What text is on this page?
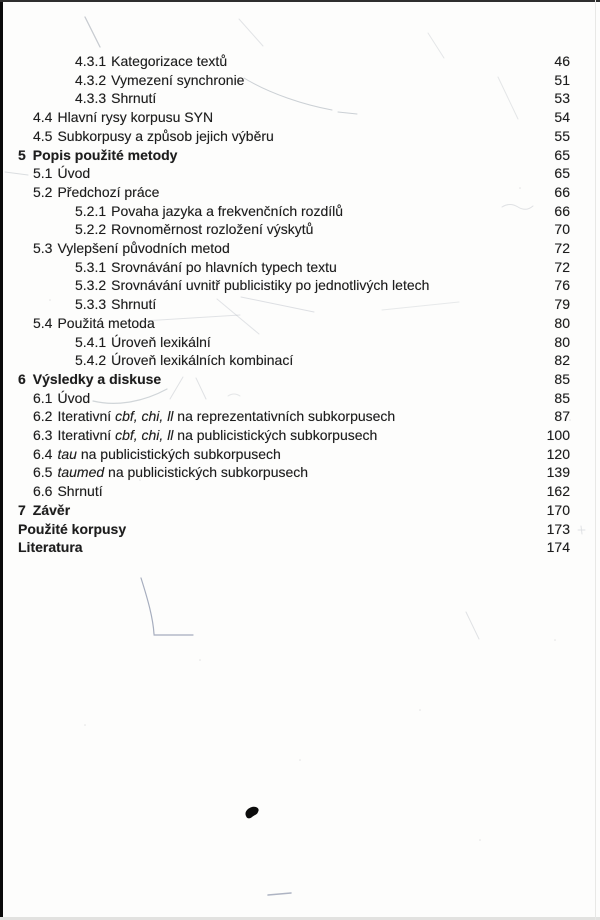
4.3.1 Kategorizace textů	46
4.3.2 Vymezení synchronie	51
4.3.3 Shrnutí	53
4.4 Hlavní rysy korpusu SYN	54
4.5 Subkorpusy a způsob jejich výběru	55
5 Popis použité metody	65
5.1 Úvod	65
5.2 Předchozí práce	66
5.2.1 Povaha jazyka a frekvenčních rozdílů	66
5.2.2 Rovnoměrnost rozložení výskytů	70
5.3 Vylepšení původních metod	72
5.3.1 Srovnávání po hlavních typech textu	72
5.3.2 Srovnávání uvnitř publicistiky po jednotlivých letech	76
5.3.3 Shrnutí	79
5.4 Použitá metoda	80
5.4.1 Úroveň lexikální	80
5.4.2 Úroveň lexikálních kombinací	82
6 Výsledky a diskuse	85
6.1 Úvod	85
6.2 Iterativní cbf, chi, ll na reprezentativních subkorpusech	87
6.3 Iterativní cbf, chi, ll na publicistických subkorpusech	100
6.4 tau na publicistických subkorpusech	120
6.5 taumed na publicistických subkorpusech	139
6.6 Shrnutí	162
7 Závěr	170
Použité korpusy	173
Literatura	174
